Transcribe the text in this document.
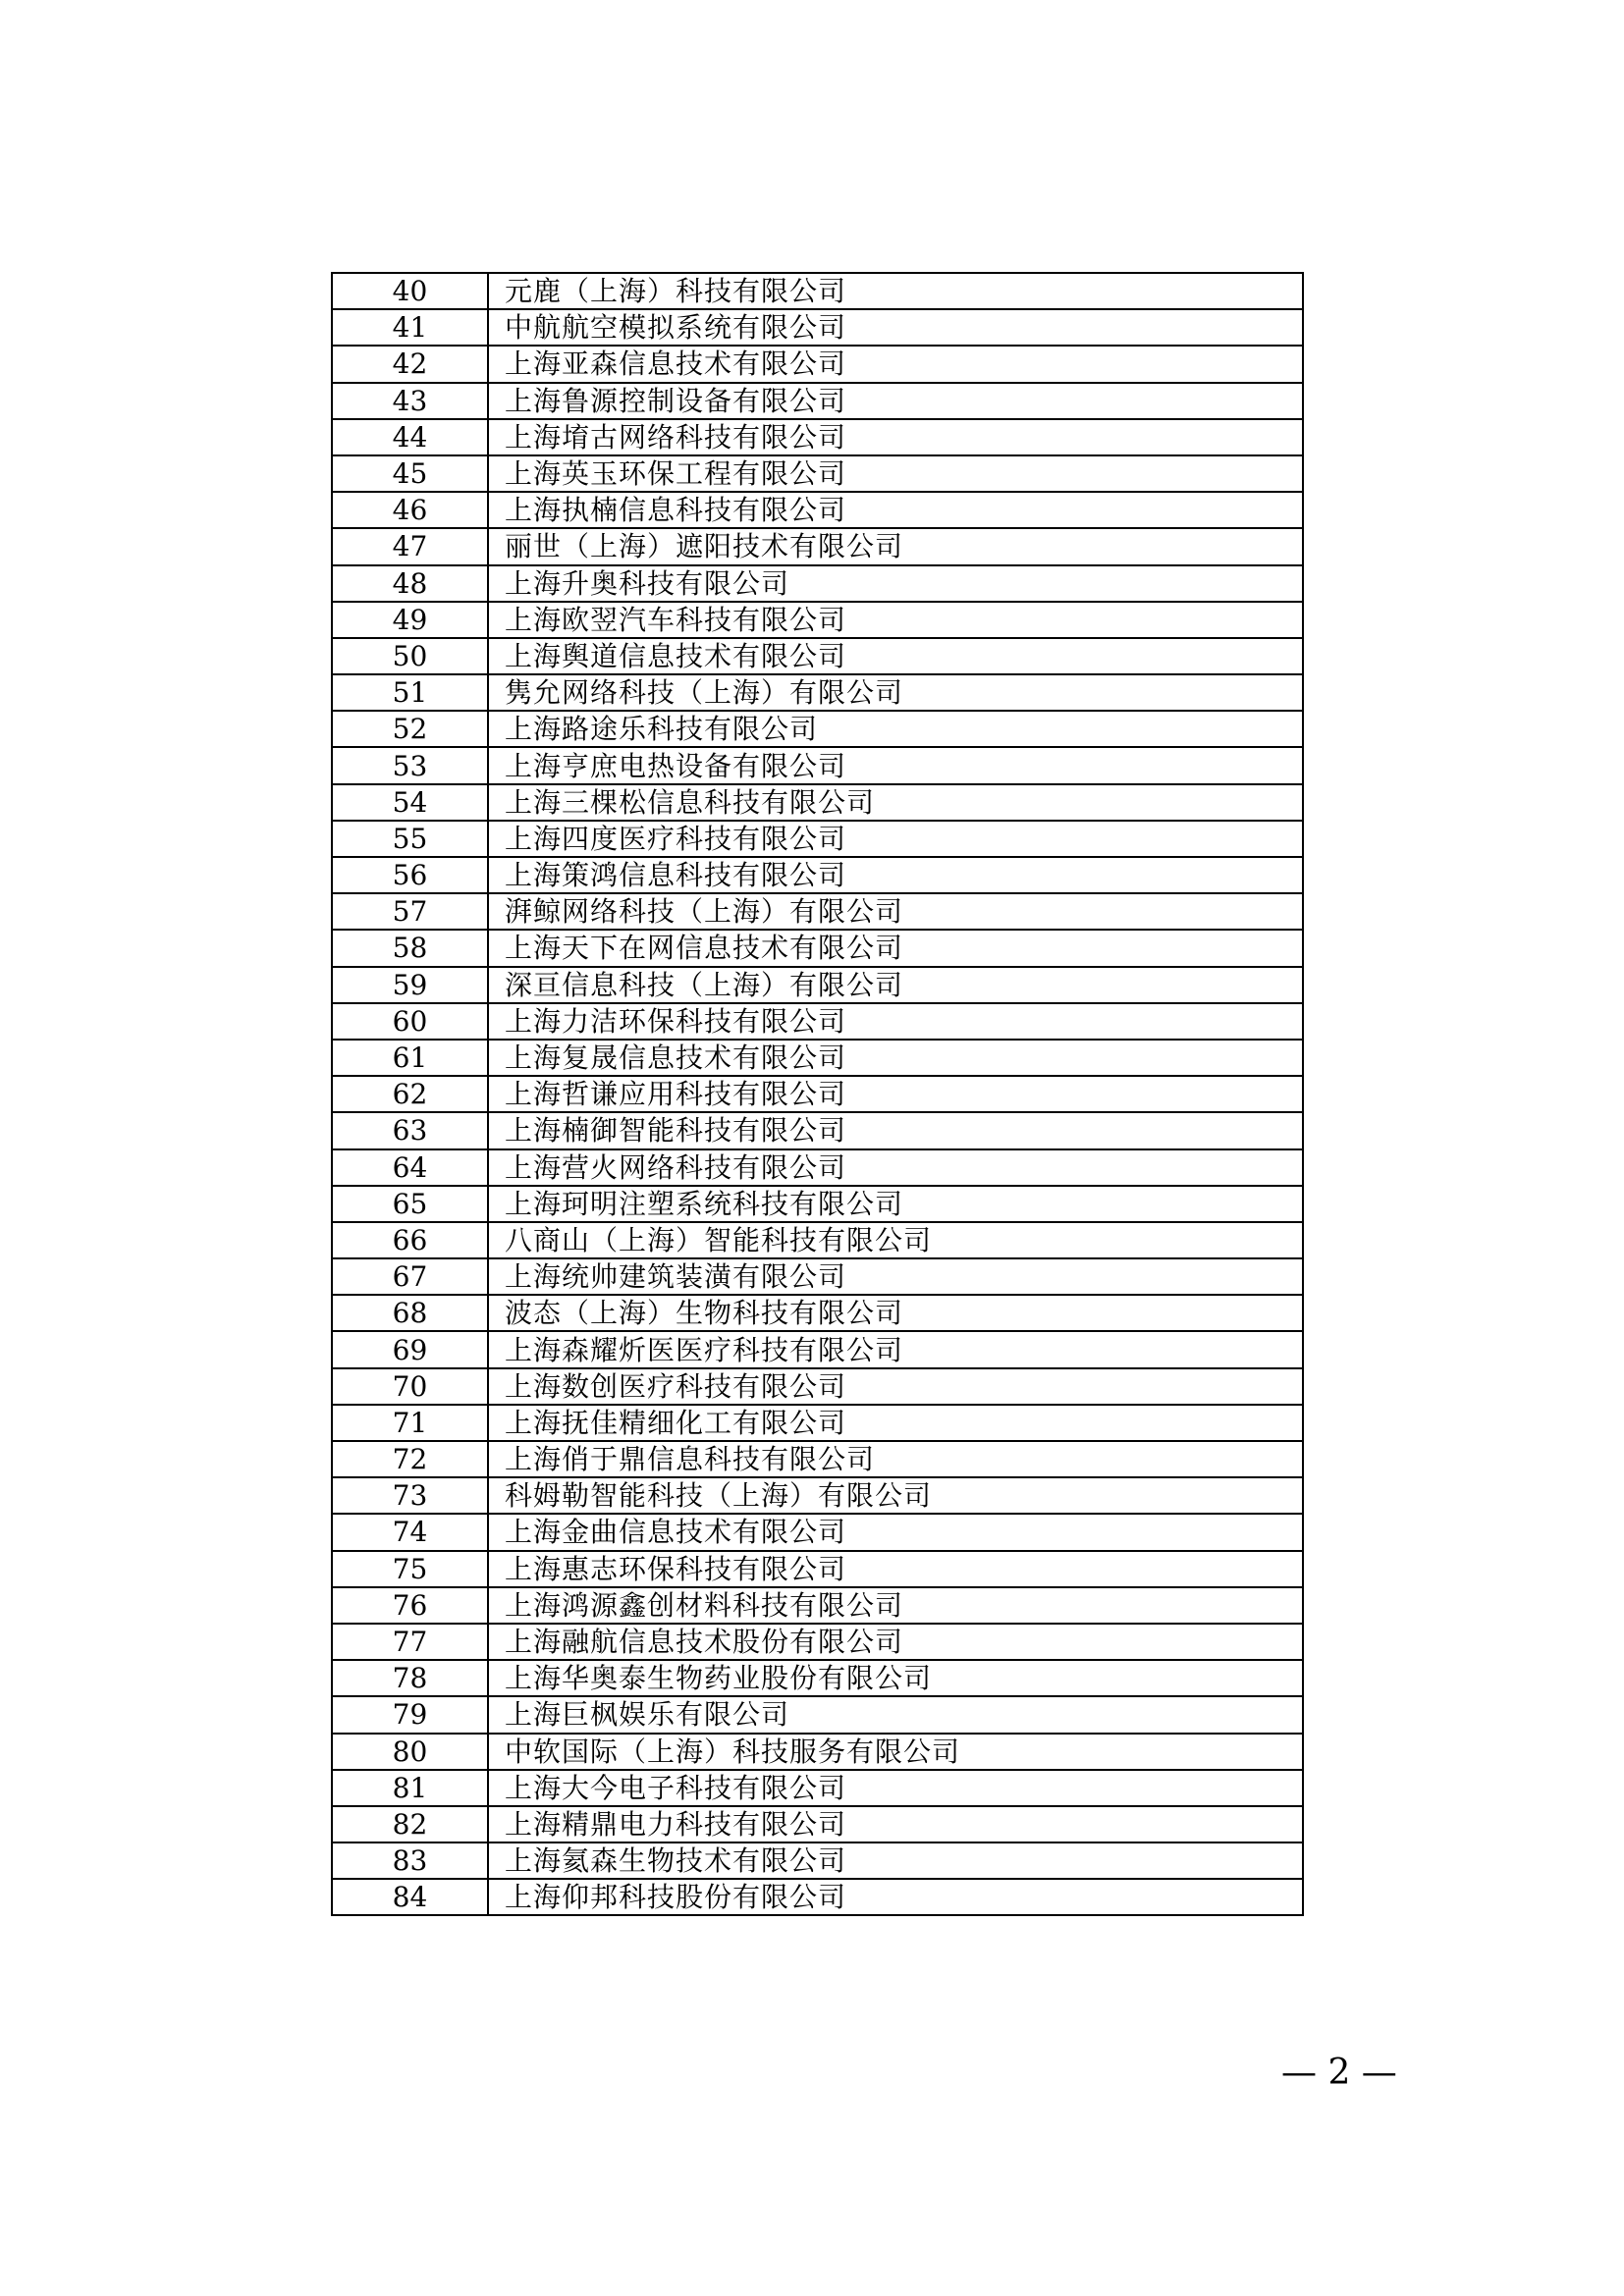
40	元鹿（上海）科技有限公司
41	中航航空模拟系统有限公司
42	上海亚森信息技术有限公司
43	上海鲁源控制设备有限公司
44	上海堉古网络科技有限公司
45	上海英玉环保工程有限公司
46	上海执楠信息科技有限公司
47	丽世（上海）遮阳技术有限公司
48	上海升奥科技有限公司
49	上海欧翌汽车科技有限公司
50	上海舆道信息技术有限公司
51	隽允网络科技（上海）有限公司
52	上海路途乐科技有限公司
53	上海亨庶电热设备有限公司
54	上海三棵松信息科技有限公司
55	上海四度医疗科技有限公司
56	上海策鸿信息科技有限公司
57	湃鲸网络科技（上海）有限公司
58	上海天下在网信息技术有限公司
59	深亘信息科技（上海）有限公司
60	上海力洁环保科技有限公司
61	上海复晟信息技术有限公司
62	上海哲谦应用科技有限公司
63	上海楠御智能科技有限公司
64	上海营火网络科技有限公司
65	上海珂明注塑系统科技有限公司
66	八商山（上海）智能科技有限公司
67	上海统帅建筑装潢有限公司
68	波态（上海）生物科技有限公司
69	上海森耀炘医医疗科技有限公司
70	上海数创医疗科技有限公司
71	上海抚佳精细化工有限公司
72	上海俏于鼎信息科技有限公司
73	科姆勒智能科技（上海）有限公司
74	上海金曲信息技术有限公司
75	上海惠志环保科技有限公司
76	上海鸿源鑫创材料科技有限公司
77	上海融航信息技术股份有限公司
78	上海华奥泰生物药业股份有限公司
79	上海巨枫娱乐有限公司
80	中软国际（上海）科技服务有限公司
81	上海大今电子科技有限公司
82	上海精鼎电力科技有限公司
83	上海氦森生物技术有限公司
84	上海仰邦科技股份有限公司
— 2 —
